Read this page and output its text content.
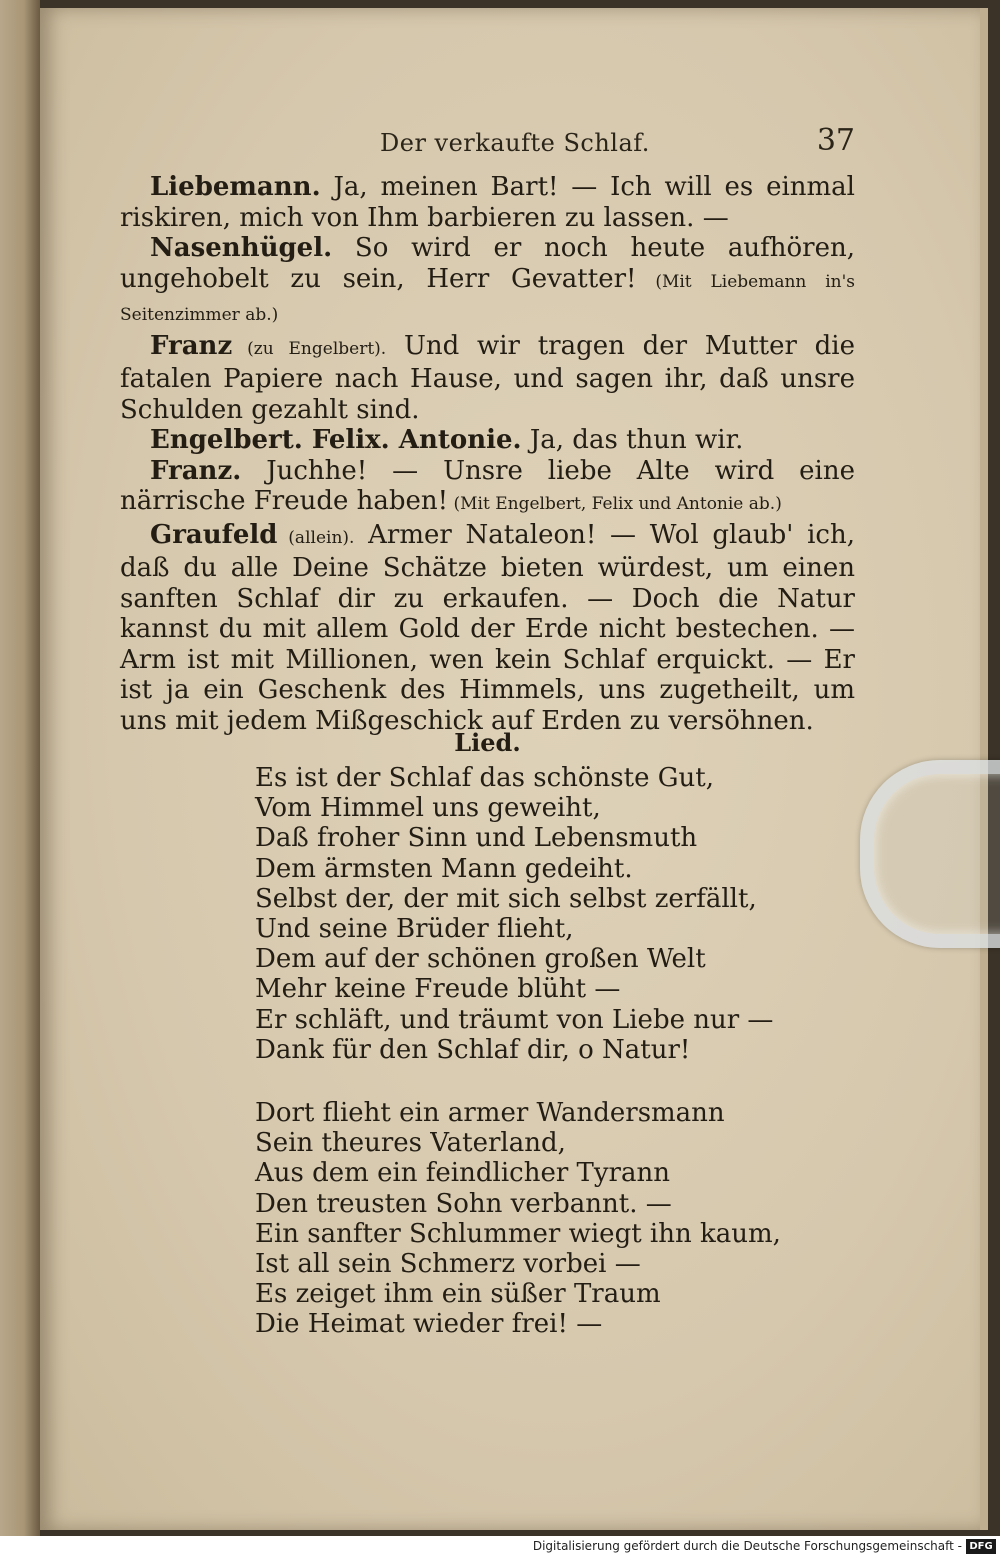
Der verkaufte Schlaf.	37

Liebemann. Ja, meinen Bart! — Ich will es einmal riskiren, mich von Ihm barbieren zu lassen. —

Nasenhügel. So wird er noch heute aufhören, ungehobelt zu sein, Herr Gevatter! (Mit Liebemann in's Seitenzimmer ab.)

Franz (zu Engelbert). Und wir tragen der Mutter die fatalen Papiere nach Hause, und sagen ihr, daß unsre Schulden gezahlt sind.

Engelbert. Felix. Antonie. Ja, das thun wir.

Franz. Juchhe! — Unsre liebe Alte wird eine närrische Freude haben! (Mit Engelbert, Felix und Antonie ab.)

Graufeld (allein). Armer Nataleon! — Wol glaub' ich, daß du alle Deine Schätze bieten würdest, um einen sanften Schlaf dir zu erkaufen. — Doch die Natur kannst du mit allem Gold der Erde nicht bestechen. — Arm ist mit Millionen, wen kein Schlaf erquickt. — Er ist ja ein Geschenk des Himmels, uns zugetheilt, um uns mit jedem Mißgeschick auf Erden zu versöhnen.

Lied.
Es ist der Schlaf das schönste Gut,
Vom Himmel uns geweiht,
Daß froher Sinn und Lebensmuth
Dem ärmsten Mann gedeiht.
Selbst der, der mit sich selbst zerfällt,
Und seine Brüder flieht,
Dem auf der schönen großen Welt
Mehr keine Freude blüht —
Er schläft, und träumt von Liebe nur —
Dank für den Schlaf dir, o Natur!
Dort flieht ein armer Wandersmann
Sein theures Vaterland,
Aus dem ein feindlicher Tyrann
Den treusten Sohn verbannt. —
Ein sanfter Schlummer wiegt ihn kaum,
Ist all sein Schmerz vorbei —
Es zeiget ihm ein süßer Traum
Die Heimat wieder frei! —
Digitalisierung gefördert durch die Deutsche Forschungsgemeinschaft - DFG
